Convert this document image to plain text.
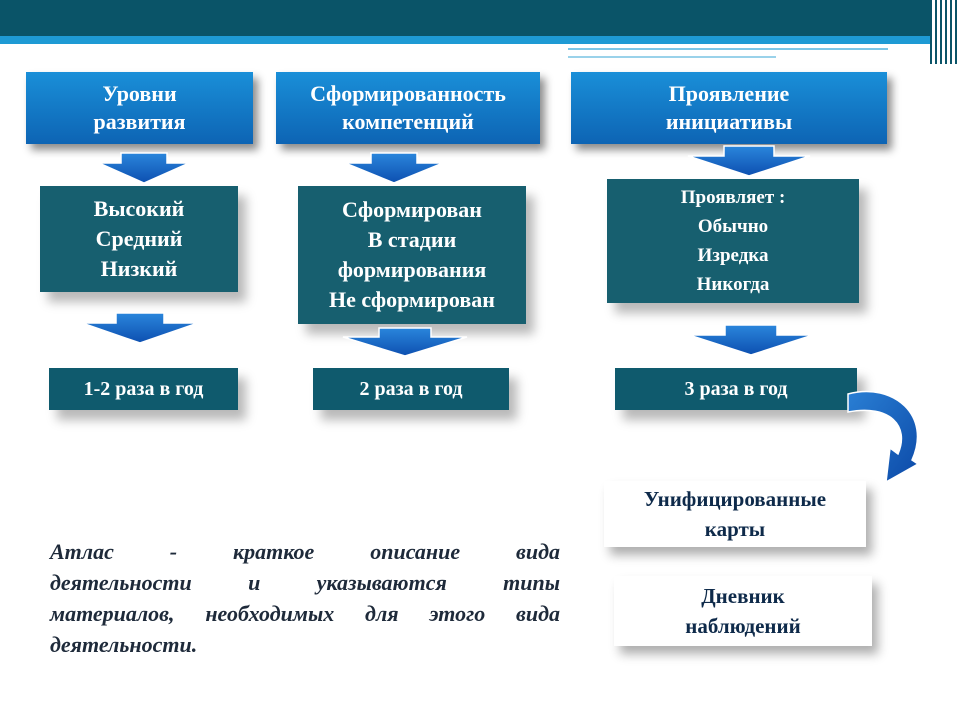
Уровни
развития
Высокий
Средний
Низкий
1-2 раза в год
Сформированность
компетенций
Сформирован
В стадии
формирования
Не сформирован
2 раза в год
Проявление
инициативы
Проявляет :
Обычно
Изредка
Никогда
3 раза в год
Унифицированные
карты
Дневник
наблюдений
Атлас - краткое описание вида
деятельности и указываются типы
материалов, необходимых для этого вида
деятельности.
